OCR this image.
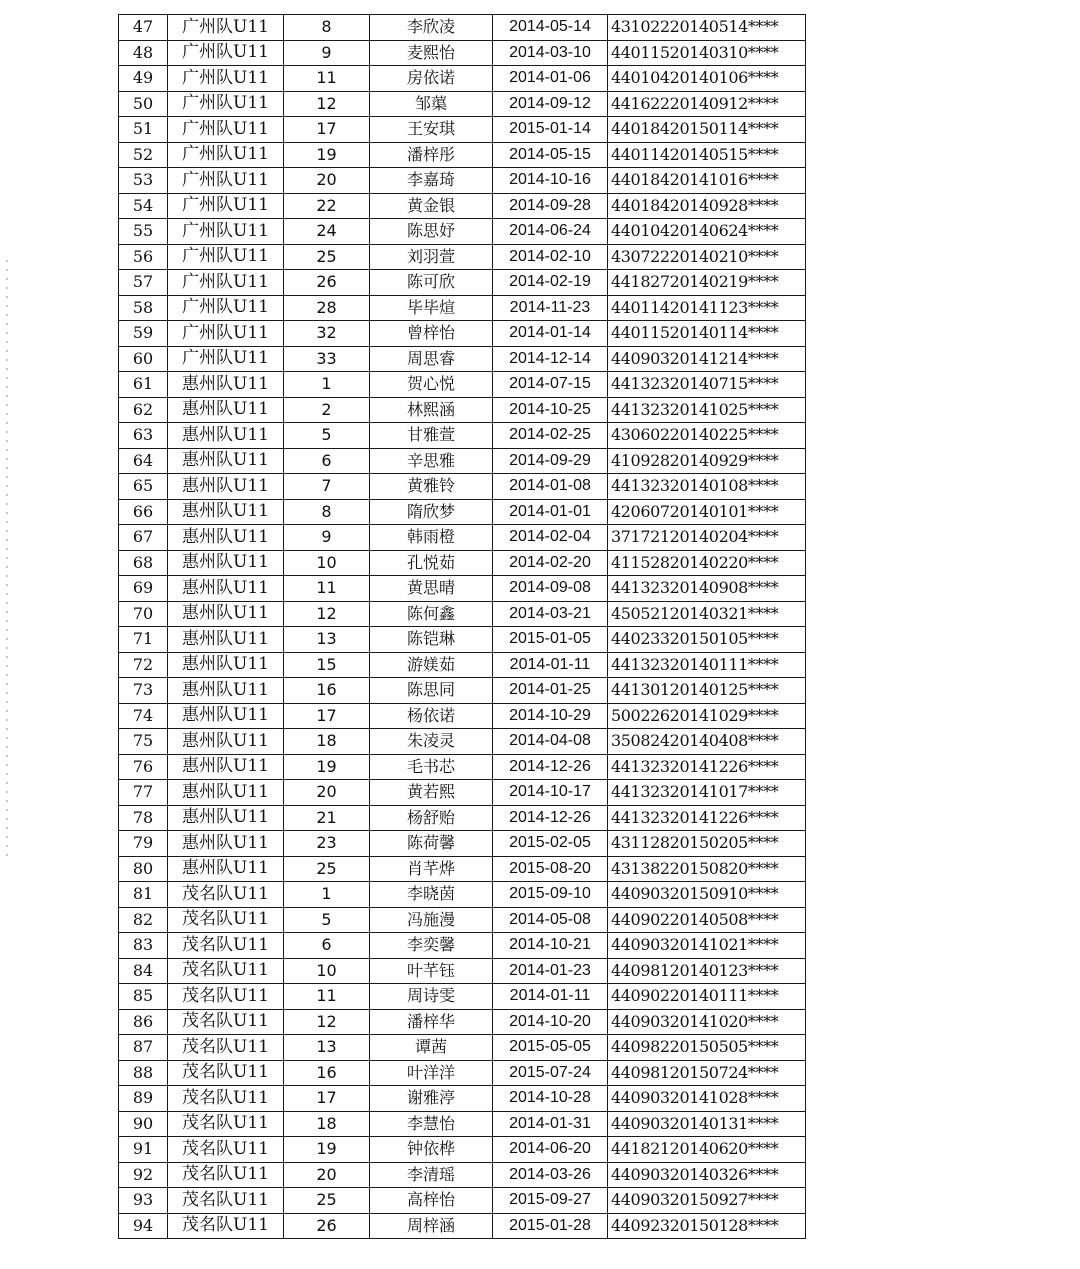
47	广州队U11	8	李欣凌	2014-05-14	43102220140514****
48	广州队U11	9	麦熙怡	2014-03-10	44011520140310****
49	广州队U11	11	房依诺	2014-01-06	44010420140106****
50	广州队U11	12	邹蕖	2014-09-12	44162220140912****
51	广州队U11	17	王安琪	2015-01-14	44018420150114****
52	广州队U11	19	潘梓彤	2014-05-15	44011420140515****
53	广州队U11	20	李嘉琦	2014-10-16	44018420141016****
54	广州队U11	22	黄金银	2014-09-28	44018420140928****
55	广州队U11	24	陈思妤	2014-06-24	44010420140624****
56	广州队U11	25	刘羽萱	2014-02-10	43072220140210****
57	广州队U11	26	陈可欣	2014-02-19	44182720140219****
58	广州队U11	28	毕毕煊	2014-11-23	44011420141123****
59	广州队U11	32	曾梓怡	2014-01-14	44011520140114****
60	广州队U11	33	周思睿	2014-12-14	44090320141214****
61	惠州队U11	1	贺心悦	2014-07-15	44132320140715****
62	惠州队U11	2	林熙涵	2014-10-25	44132320141025****
63	惠州队U11	5	甘雅萱	2014-02-25	43060220140225****
64	惠州队U11	6	辛思雅	2014-09-29	41092820140929****
65	惠州队U11	7	黄雅铃	2014-01-08	44132320140108****
66	惠州队U11	8	隋欣梦	2014-01-01	42060720140101****
67	惠州队U11	9	韩雨橙	2014-02-04	37172120140204****
68	惠州队U11	10	孔悦茹	2014-02-20	41152820140220****
69	惠州队U11	11	黄思晴	2014-09-08	44132320140908****
70	惠州队U11	12	陈何鑫	2014-03-21	45052120140321****
71	惠州队U11	13	陈铠琳	2015-01-05	44023320150105****
72	惠州队U11	15	游媄茹	2014-01-11	44132320140111****
73	惠州队U11	16	陈思同	2014-01-25	44130120140125****
74	惠州队U11	17	杨依诺	2014-10-29	50022620141029****
75	惠州队U11	18	朱凌灵	2014-04-08	35082420140408****
76	惠州队U11	19	毛书芯	2014-12-26	44132320141226****
77	惠州队U11	20	黄若熙	2014-10-17	44132320141017****
78	惠州队U11	21	杨舒贻	2014-12-26	44132320141226****
79	惠州队U11	23	陈荷馨	2015-02-05	43112820150205****
80	惠州队U11	25	肖芊烨	2015-08-20	43138220150820****
81	茂名队U11	1	李晓茵	2015-09-10	44090320150910****
82	茂名队U11	5	冯施漫	2014-05-08	44090220140508****
83	茂名队U11	6	李奕馨	2014-10-21	44090320141021****
84	茂名队U11	10	叶芊钰	2014-01-23	44098120140123****
85	茂名队U11	11	周诗雯	2014-01-11	44090220140111****
86	茂名队U11	12	潘梓华	2014-10-20	44090320141020****
87	茂名队U11	13	谭茜	2015-05-05	44098220150505****
88	茂名队U11	16	叶洋洋	2015-07-24	44098120150724****
89	茂名队U11	17	谢雅渟	2014-10-28	44090320141028****
90	茂名队U11	18	李慧怡	2014-01-31	44090320140131****
91	茂名队U11	19	钟依桦	2014-06-20	44182120140620****
92	茂名队U11	20	李清瑶	2014-03-26	44090320140326****
93	茂名队U11	25	高梓怡	2015-09-27	44090320150927****
94	茂名队U11	26	周梓涵	2015-01-28	44092320150128****
